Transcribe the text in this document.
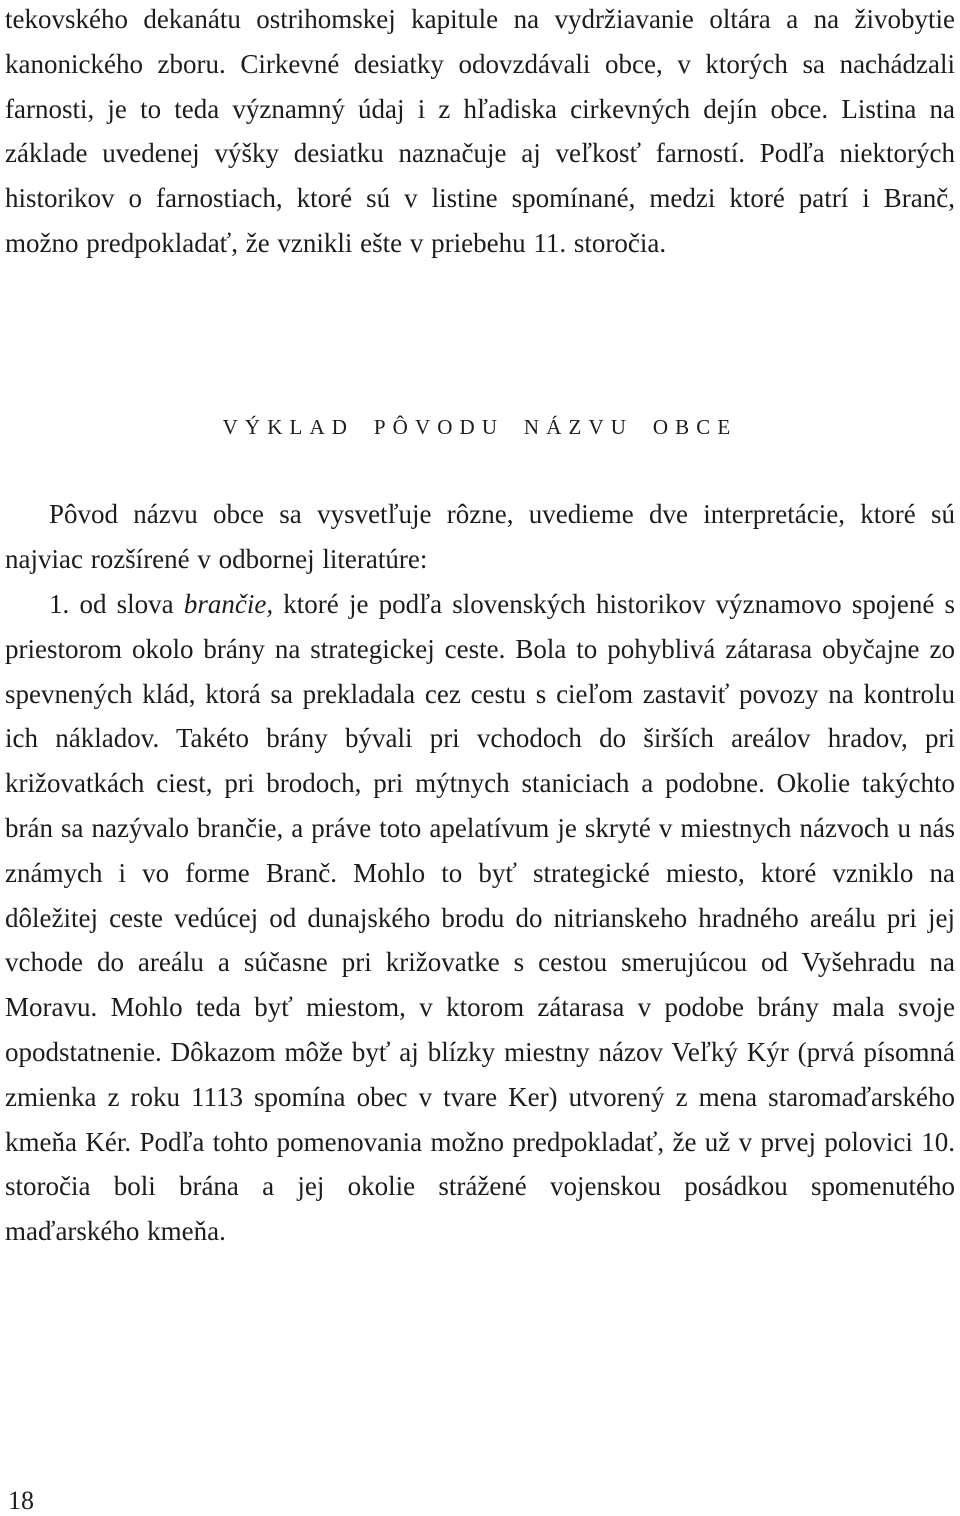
tekovského dekanátu ostrihomskej kapitule na vydržiavanie oltára a na živobytie kanonického zboru. Cirkevné desiatky odovzdávali obce, v ktorých sa nachádzali farnosti, je to teda významný údaj i z hľadiska cirkevných dejín obce. Listina na základe uvedenej výšky desiatku naznačuje aj veľkosť farností. Podľa niektorých historikov o farnostiach, ktoré sú v listine spomínané, medzi ktoré patrí i Branč, možno predpokladať, že vznikli ešte v priebehu 11. storočia.

VÝKLAD PÔVODU NÁZVU OBCE

Pôvod názvu obce sa vysvetľuje rôzne, uvedieme dve interpretácie, ktoré sú najviac rozšírené v odbornej literatúre:

1. od slova brančie, ktoré je podľa slovenských historikov významovo spojené s priestorom okolo brány na strategickej ceste. Bola to pohyblivá zátarasa obyčajne zo spevnených klád, ktorá sa prekladala cez cestu s cieľom zastaviť povozy na kontrolu ich nákladov. Takéto brány bývali pri vchodoch do širších areálov hradov, pri križovatkách ciest, pri brodoch, pri mýtnych staniciach a podobne. Okolie takýchto brán sa nazývalo brančie, a práve toto apelatívum je skryté v miestnych názvoch u nás známych i vo forme Branč. Mohlo to byť strategické miesto, ktoré vzniklo na dôležitej ceste vedúcej od dunajského brodu do nitrianskeho hradného areálu pri jej vchode do areálu a súčasne pri križovatke s cestou smerujúcou od Vyšehradu na Moravu. Mohlo teda byť miestom, v ktorom zátarasa v podobe brány mala svoje opodstatnenie. Dôkazom môže byť aj blízky miestny názov Veľký Kýr (prvá písomná zmienka z roku 1113 spomína obec v tvare Ker) utvorený z mena staromaďarského kmeňa Kér. Podľa tohto pomenovania možno predpokladať, že už v prvej polovici 10. storočia boli brána a jej okolie strážené vojenskou posádkou spomenutého maďarského kmeňa.

18
